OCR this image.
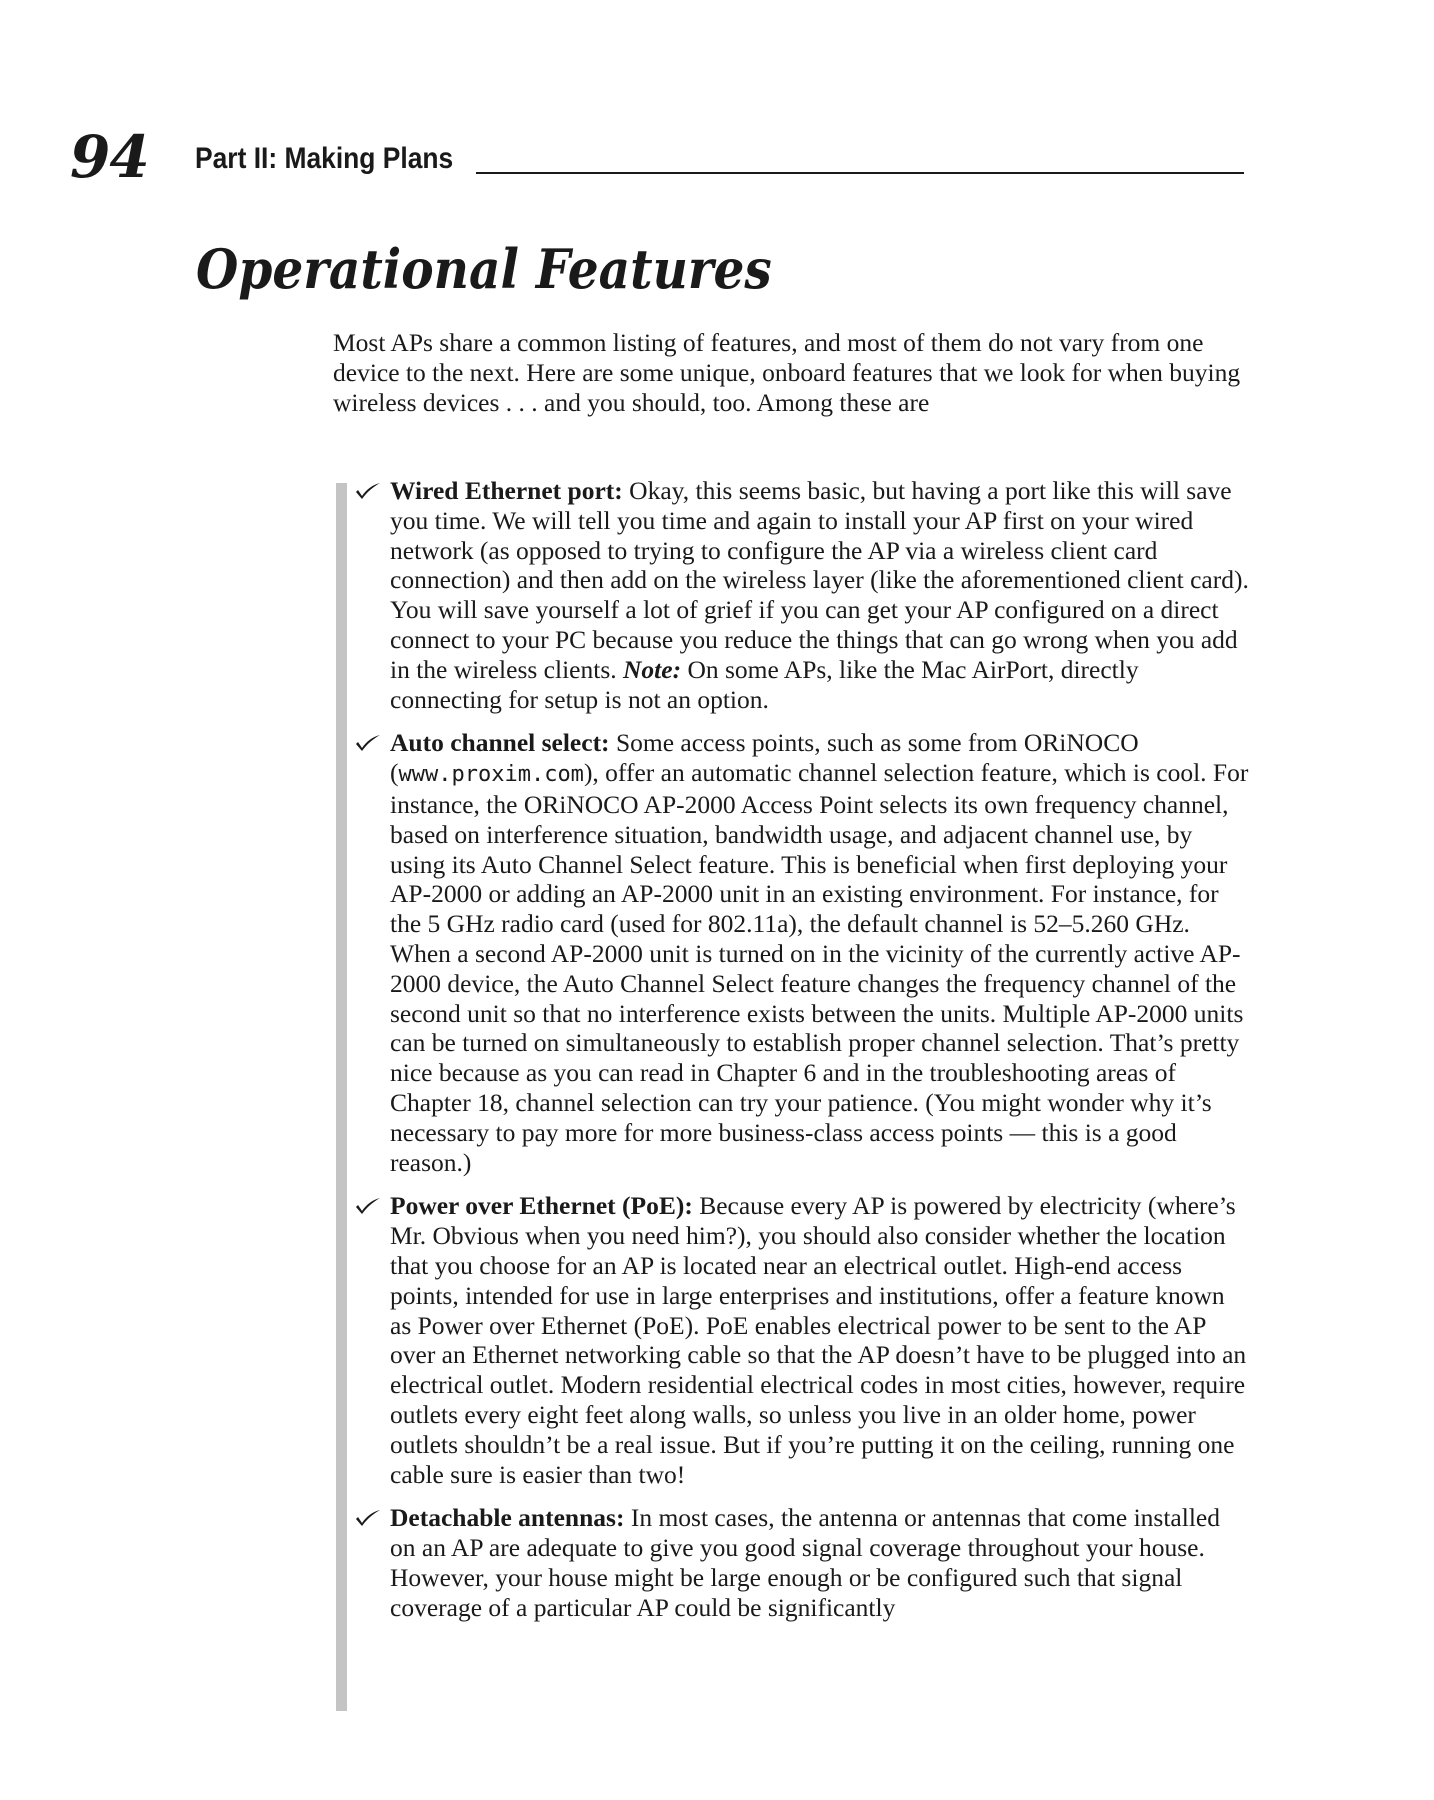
94 Part II: Making Plans
Operational Features

Most APs share a common listing of features, and most of them do not vary from one device to the next. Here are some unique, onboard features that we look for when buying wireless devices . . . and you should, too. Among these are

Wired Ethernet port: Okay, this seems basic, but having a port like this will save you time. We will tell you time and again to install your AP first on your wired network (as opposed to trying to configure the AP via a wireless client card connection) and then add on the wireless layer (like the aforementioned client card). You will save yourself a lot of grief if you can get your AP configured on a direct connect to your PC because you reduce the things that can go wrong when you add in the wireless clients. Note: On some APs, like the Mac AirPort, directly connecting for setup is not an option.
Auto channel select: Some access points, such as some from ORiNOCO (www.proxim.com), offer an automatic channel selection feature, which is cool. For instance, the ORiNOCO AP-2000 Access Point selects its own frequency channel, based on interference situation, bandwidth usage, and adjacent channel use, by using its Auto Channel Select feature. This is beneficial when first deploying your AP-2000 or adding an AP-2000 unit in an existing environment. For instance, for the 5 GHz radio card (used for 802.11a), the default channel is 52–5.260 GHz. When a second AP-2000 unit is turned on in the vicinity of the currently active AP-2000 device, the Auto Channel Select feature changes the frequency channel of the second unit so that no interference exists between the units. Multiple AP-2000 units can be turned on simultaneously to establish proper channel selection. That’s pretty nice because as you can read in Chapter 6 and in the troubleshooting areas of Chapter 18, channel selection can try your patience. (You might wonder why it’s necessary to pay more for more business-class access points — this is a good reason.)
Power over Ethernet (PoE): Because every AP is powered by electricity (where’s Mr. Obvious when you need him?), you should also consider whether the location that you choose for an AP is located near an electrical outlet. High-end access points, intended for use in large enterprises and institutions, offer a feature known as Power over Ethernet (PoE). PoE enables electrical power to be sent to the AP over an Ethernet networking cable so that the AP doesn’t have to be plugged into an electrical outlet. Modern residential electrical codes in most cities, however, require outlets every eight feet along walls, so unless you live in an older home, power outlets shouldn’t be a real issue. But if you’re putting it on the ceiling, running one cable sure is easier than two!
Detachable antennas: In most cases, the antenna or antennas that come installed on an AP are adequate to give you good signal coverage throughout your house. However, your house might be large enough or be configured such that signal coverage of a particular AP could be significantly
